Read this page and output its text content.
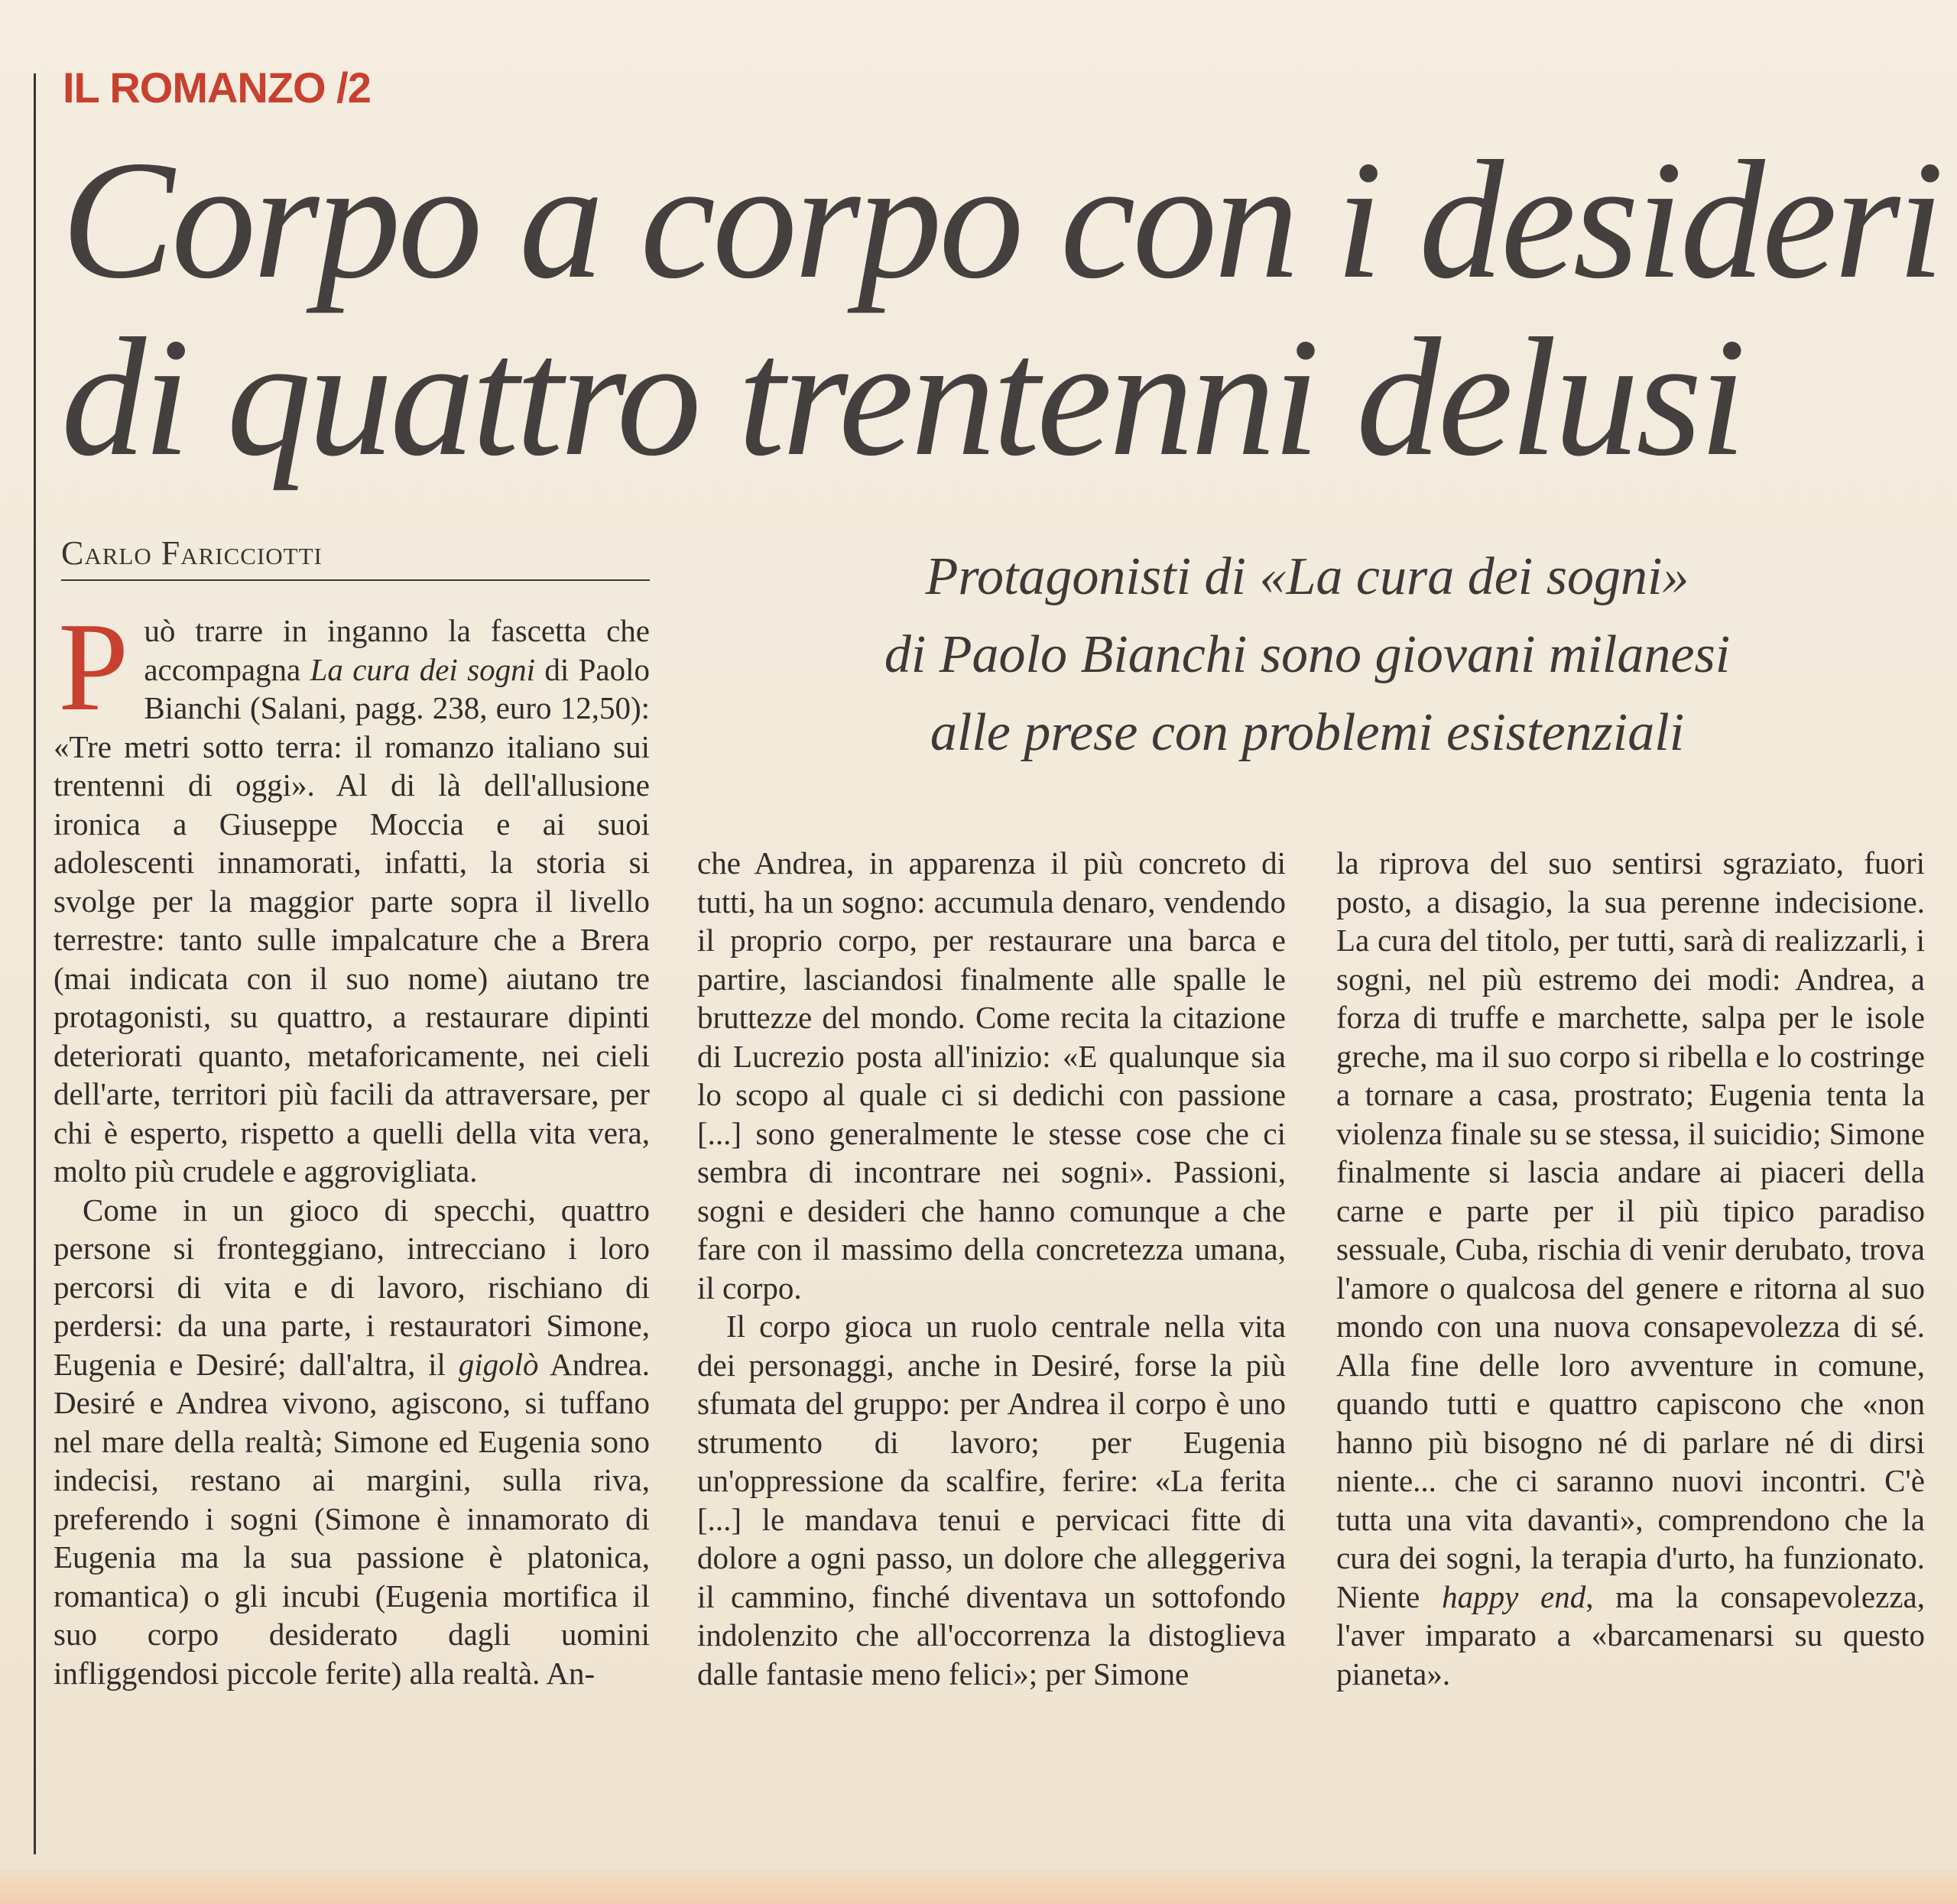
IL ROMANZO /2
Corpo a corpo con i desideri
di quattro trentenni delusi
Carlo Faricciotti	Protagonisti di «La cura dei sogni»
di Paolo Bianchi sono giovani milanesi
alle prese con problemi esistenziali

Può trarre in inganno la fascetta che accompagna La cura dei sogni di Paolo Bianchi (Salani, pagg. 238, euro 12,50): «Tre metri sotto terra: il romanzo italiano sui trentenni di oggi». Al di là dell'allusione ironica a Giuseppe Moccia e ai suoi adolescenti innamorati, infatti, la storia si svolge per la maggior parte sopra il livello terrestre: tanto sulle impalcature che a Brera (mai indicata con il suo nome) aiutano tre protagonisti, su quattro, a restaurare dipinti deteriorati quanto, metaforicamente, nei cieli dell'arte, territori più facili da attraversare, per chi è esperto, rispetto a quelli della vita vera, molto più crudele e aggrovigliata.

Come in un gioco di specchi, quattro persone si fronteggiano, intrecciano i loro percorsi di vita e di lavoro, rischiano di perdersi: da una parte, i restauratori Simone, Eugenia e Desiré; dall'altra, il gigolò Andrea. Desiré e Andrea vivono, agiscono, si tuffano nel mare della realtà; Simone ed Eugenia sono indecisi, restano ai margini, sulla riva, preferendo i sogni (Simone è innamorato di Eugenia ma la sua passione è platonica, romantica) o gli incubi (Eugenia mortifica il suo corpo desiderato dagli uomini infliggendosi piccole ferite) alla realtà. An-

che Andrea, in apparenza il più concreto di tutti, ha un sogno: accumula denaro, vendendo il proprio corpo, per restaurare una barca e partire, lasciandosi finalmente alle spalle le bruttezze del mondo. Come recita la citazione di Lucrezio posta all'inizio: «E qualunque sia lo scopo al quale ci si dedichi con passione [...] sono generalmente le stesse cose che ci sembra di incontrare nei sogni». Passioni, sogni e desideri che hanno comunque a che fare con il massimo della concretezza umana, il corpo.

Il corpo gioca un ruolo centrale nella vita dei personaggi, anche in Desiré, forse la più sfumata del gruppo: per Andrea il corpo è uno strumento di lavoro; per Eugenia un'oppressione da scalfire, ferire: «La ferita [...] le mandava tenui e pervicaci fitte di dolore a ogni passo, un dolore che alleggeriva il cammino, finché diventava un sottofondo indolenzito che all'occorrenza la distoglieva dalle fantasie meno felici»; per Simone

la riprova del suo sentirsi sgraziato, fuori posto, a disagio, la sua perenne indecisione. La cura del titolo, per tutti, sarà di realizzarli, i sogni, nel più estremo dei modi: Andrea, a forza di truffe e marchette, salpa per le isole greche, ma il suo corpo si ribella e lo costringe a tornare a casa, prostrato; Eugenia tenta la violenza finale su se stessa, il suicidio; Simone finalmente si lascia andare ai piaceri della carne e parte per il più tipico paradiso sessuale, Cuba, rischia di venir derubato, trova l'amore o qualcosa del genere e ritorna al suo mondo con una nuova consapevolezza di sé. Alla fine delle loro avventure in comune, quando tutti e quattro capiscono che «non hanno più bisogno né di parlare né di dirsi niente... che ci saranno nuovi incontri. C'è tutta una vita davanti», comprendono che la cura dei sogni, la terapia d'urto, ha funzionato. Niente happy end, ma la consapevolezza, l'aver imparato a «barcamenarsi su questo pianeta».
